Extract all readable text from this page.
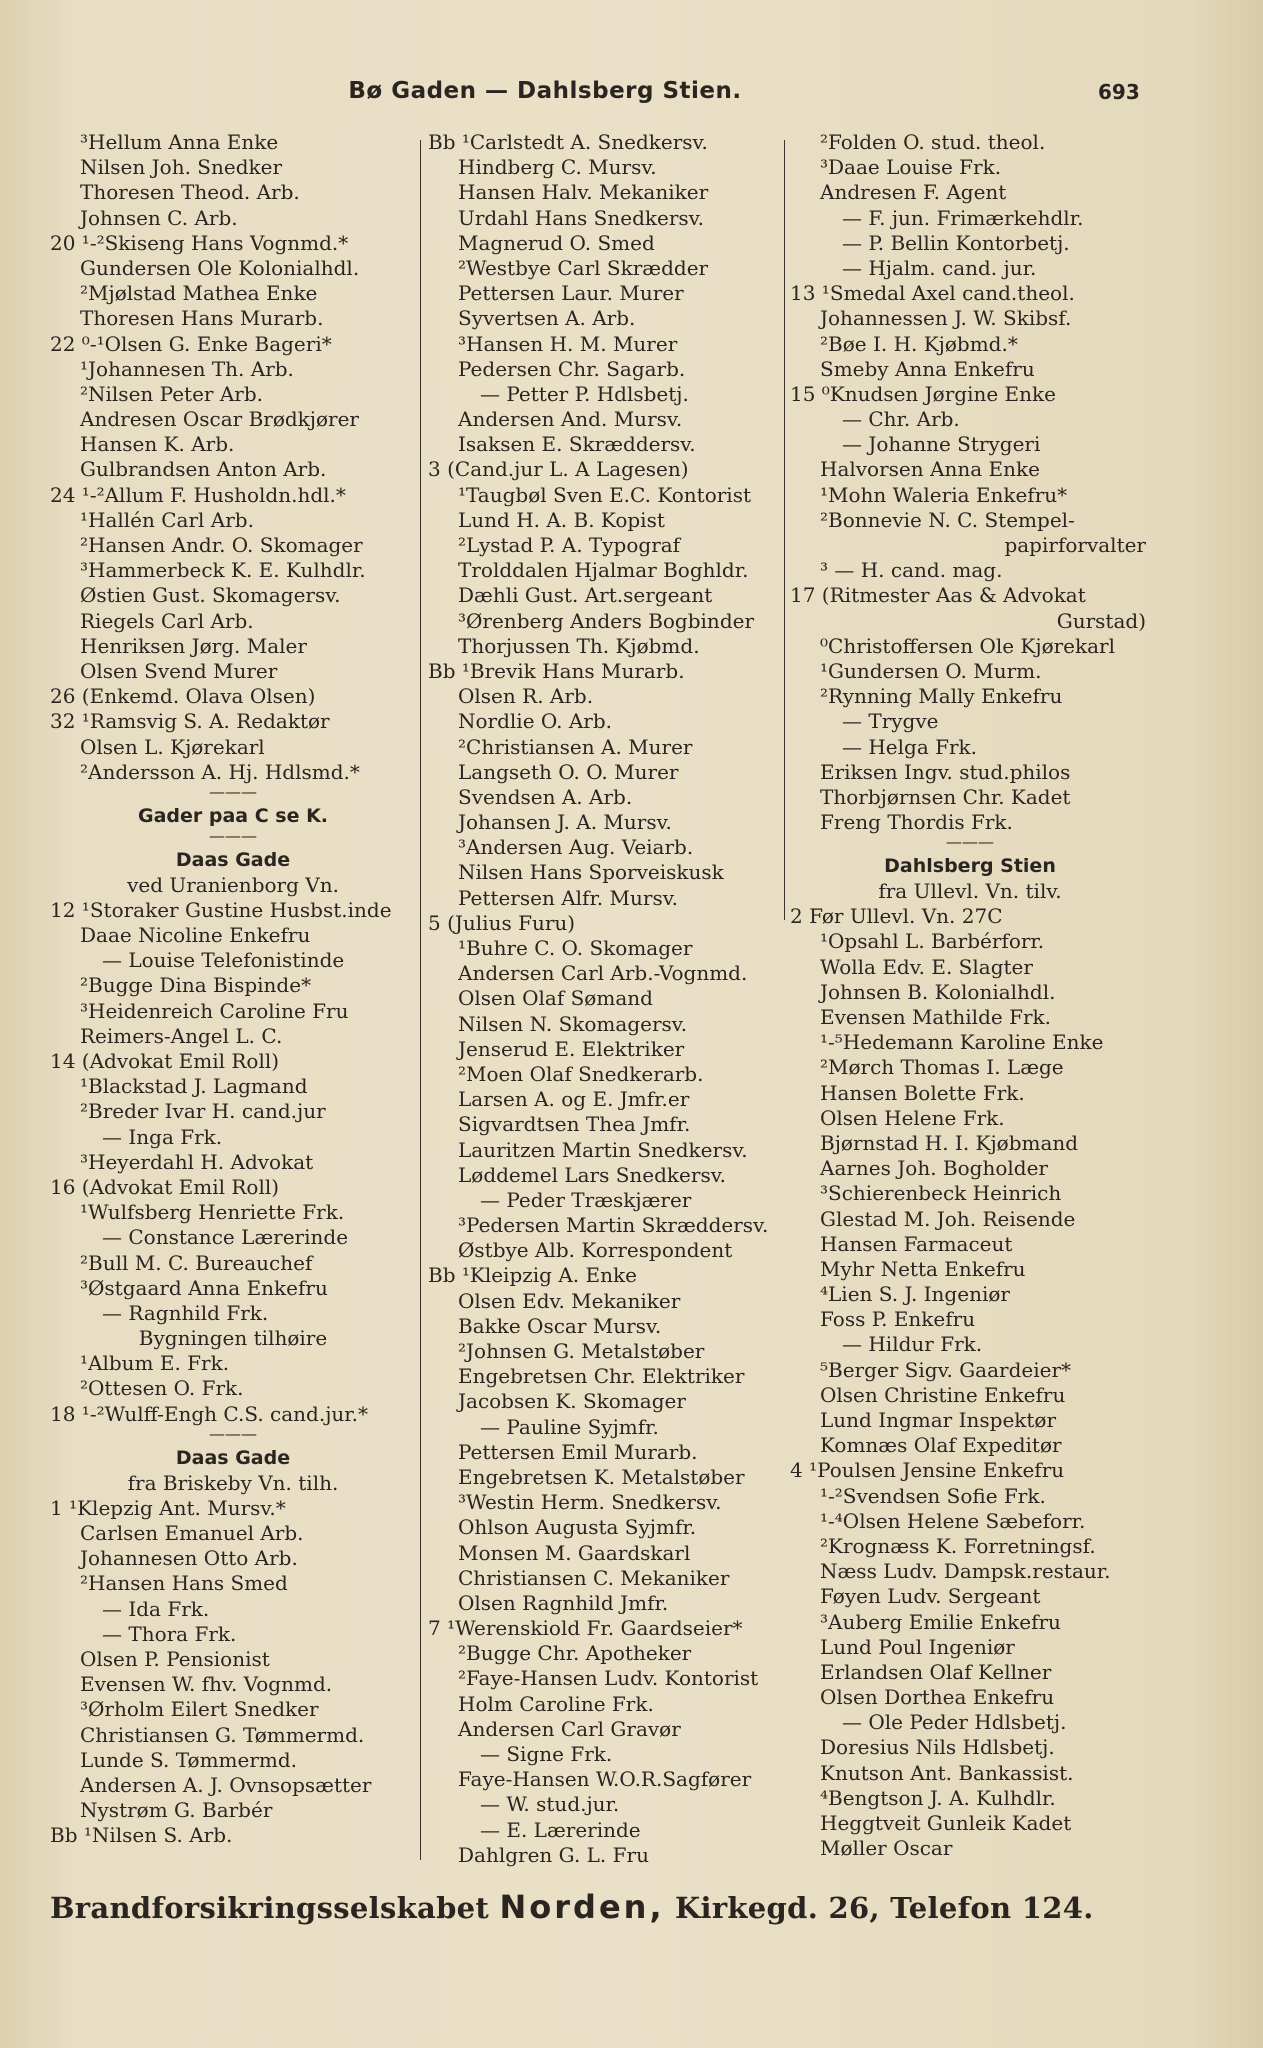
Bø Gaden — Dahlsberg Stien.	693
³Hellum Anna Enke
Nilsen Joh. Snedker
Thoresen Theod. Arb.
Johnsen C. Arb.
20 ¹-²Skiseng Hans Vognmd.*
Gundersen Ole Kolonialhdl.
²Mjølstad Mathea Enke
Thoresen Hans Murarb.
22 ⁰-¹Olsen G. Enke Bageri*
¹Johannesen Th. Arb.
²Nilsen Peter Arb.
Andresen Oscar Brødkjører
Hansen K. Arb.
Gulbrandsen Anton Arb.
24 ¹-²Allum F. Husholdn.hdl.*
¹Hallén Carl Arb.
²Hansen Andr. O. Skomager
³Hammerbeck K. E. Kulhdlr.
Østien Gust. Skomagersv.
Riegels Carl Arb.
Henriksen Jørg. Maler
Olsen Svend Murer
26 (Enkemd. Olava Olsen)
32 ¹Ramsvig S. A. Redaktør
Olsen L. Kjørekarl
²Andersson A. Hj. Hdlsmd.*
———
Gader paa C se K.
———
Daas Gade
ved Uranienborg Vn.
12 ¹Storaker Gustine Husbst.inde
Daae Nicoline Enkefru
— Louise Telefonistinde
²Bugge Dina Bispinde*
³Heidenreich Caroline Fru
Reimers-Angel L. C.
14 (Advokat Emil Roll)
¹Blackstad J. Lagmand
²Breder Ivar H. cand.jur
— Inga Frk.
³Heyerdahl H. Advokat
16 (Advokat Emil Roll)
¹Wulfsberg Henriette Frk.
— Constance Lærerinde
²Bull M. C. Bureauchef
³Østgaard Anna Enkefru
— Ragnhild Frk.
Bygningen tilhøire
¹Album E. Frk.
²Ottesen O. Frk.
18 ¹-²Wulff-Engh C.S. cand.jur.*
———
Daas Gade
fra Briskeby Vn. tilh.
1 ¹Klepzig Ant. Mursv.*
Carlsen Emanuel Arb.
Johannesen Otto Arb.
²Hansen Hans Smed
— Ida Frk.
— Thora Frk.
Olsen P. Pensionist
Evensen W. fhv. Vognmd.
³Ørholm Eilert Snedker
Christiansen G. Tømmermd.
Lunde S. Tømmermd.
Andersen A. J. Ovnsopsætter
Nystrøm G. Barbér
Bb ¹Nilsen S. Arb.
Bb ¹Carlstedt A. Snedkersv.
Hindberg C. Mursv.
Hansen Halv. Mekaniker
Urdahl Hans Snedkersv.
Magnerud O. Smed
²Westbye Carl Skrædder
Pettersen Laur. Murer
Syvertsen A. Arb.
³Hansen H. M. Murer
Pedersen Chr. Sagarb.
— Petter P. Hdlsbetj.
Andersen And. Mursv.
Isaksen E. Skræddersv.
3 (Cand.jur L. A Lagesen)
¹Taugbøl Sven E.C. Kontorist
Lund H. A. B. Kopist
²Lystad P. A. Typograf
Trolddalen Hjalmar Boghldr.
Dæhli Gust. Art.sergeant
³Ørenberg Anders Bogbinder
Thorjussen Th. Kjøbmd.
Bb ¹Brevik Hans Murarb.
Olsen R. Arb.
Nordlie O. Arb.
²Christiansen A. Murer
Langseth O. O. Murer
Svendsen A. Arb.
Johansen J. A. Mursv.
³Andersen Aug. Veiarb.
Nilsen Hans Sporveiskusk
Pettersen Alfr. Mursv.
5 (Julius Furu)
¹Buhre C. O. Skomager
Andersen Carl Arb.-Vognmd.
Olsen Olaf Sømand
Nilsen N. Skomagersv.
Jenserud E. Elektriker
²Moen Olaf Snedkerarb.
Larsen A. og E. Jmfr.er
Sigvardtsen Thea Jmfr.
Lauritzen Martin Snedkersv.
Løddemel Lars Snedkersv.
— Peder Træskjærer
³Pedersen Martin Skræddersv.
Østbye Alb. Korrespondent
Bb ¹Kleipzig A. Enke
Olsen Edv. Mekaniker
Bakke Oscar Mursv.
²Johnsen G. Metalstøber
Engebretsen Chr. Elektriker
Jacobsen K. Skomager
— Pauline Syjmfr.
Pettersen Emil Murarb.
Engebretsen K. Metalstøber
³Westin Herm. Snedkersv.
Ohlson Augusta Syjmfr.
Monsen M. Gaardskarl
Christiansen C. Mekaniker
Olsen Ragnhild Jmfr.
7 ¹Werenskiold Fr. Gaardseier*
²Bugge Chr. Apotheker
²Faye-Hansen Ludv. Kontorist
Holm Caroline Frk.
Andersen Carl Gravør
— Signe Frk.
Faye-Hansen W.O.R.Sagfører
— W. stud.jur.
— E. Lærerinde
Dahlgren G. L. Fru
²Folden O. stud. theol.
³Daae Louise Frk.
Andresen F. Agent
— F. jun. Frimærkehdlr.
— P. Bellin Kontorbetj.
— Hjalm. cand. jur.
13 ¹Smedal Axel cand.theol.
Johannessen J. W. Skibsf.
²Bøe I. H. Kjøbmd.*
Smeby Anna Enkefru
15 ⁰Knudsen Jørgine Enke
— Chr. Arb.
— Johanne Strygeri
Halvorsen Anna Enke
¹Mohn Waleria Enkefru*
²Bonnevie N. C. Stempel-
papirforvalter
³ — H. cand. mag.
17 (Ritmester Aas & Advokat
Gurstad)
⁰Christoffersen Ole Kjørekarl
¹Gundersen O. Murm.
²Rynning Mally Enkefru
— Trygve
— Helga Frk.
Eriksen Ingv. stud.philos
Thorbjørnsen Chr. Kadet
Freng Thordis Frk.
———
Dahlsberg Stien
fra Ullevl. Vn. tilv.
2 Før Ullevl. Vn. 27C
¹Opsahl L. Barbérforr.
Wolla Edv. E. Slagter
Johnsen B. Kolonialhdl.
Evensen Mathilde Frk.
¹-⁵Hedemann Karoline Enke
²Mørch Thomas I. Læge
Hansen Bolette Frk.
Olsen Helene Frk.
Bjørnstad H. I. Kjøbmand
Aarnes Joh. Bogholder
³Schierenbeck Heinrich
Glestad M. Joh. Reisende
Hansen Farmaceut
Myhr Netta Enkefru
⁴Lien S. J. Ingeniør
Foss P. Enkefru
— Hildur Frk.
⁵Berger Sigv. Gaardeier*
Olsen Christine Enkefru
Lund Ingmar Inspektør
Komnæs Olaf Expeditør
4 ¹Poulsen Jensine Enkefru
¹-²Svendsen Sofie Frk.
¹-⁴Olsen Helene Sæbeforr.
²Krognæss K. Forretningsf.
Næss Ludv. Dampsk.restaur.
Føyen Ludv. Sergeant
³Auberg Emilie Enkefru
Lund Poul Ingeniør
Erlandsen Olaf Kellner
Olsen Dorthea Enkefru
— Ole Peder Hdlsbetj.
Doresius Nils Hdlsbetj.
Knutson Ant. Bankassist.
⁴Bengtson J. A. Kulhdlr.
Heggtveit Gunleik Kadet
Møller Oscar
Brandforsikringsselskabet Norden, Kirkegd. 26, Telefon 124.
